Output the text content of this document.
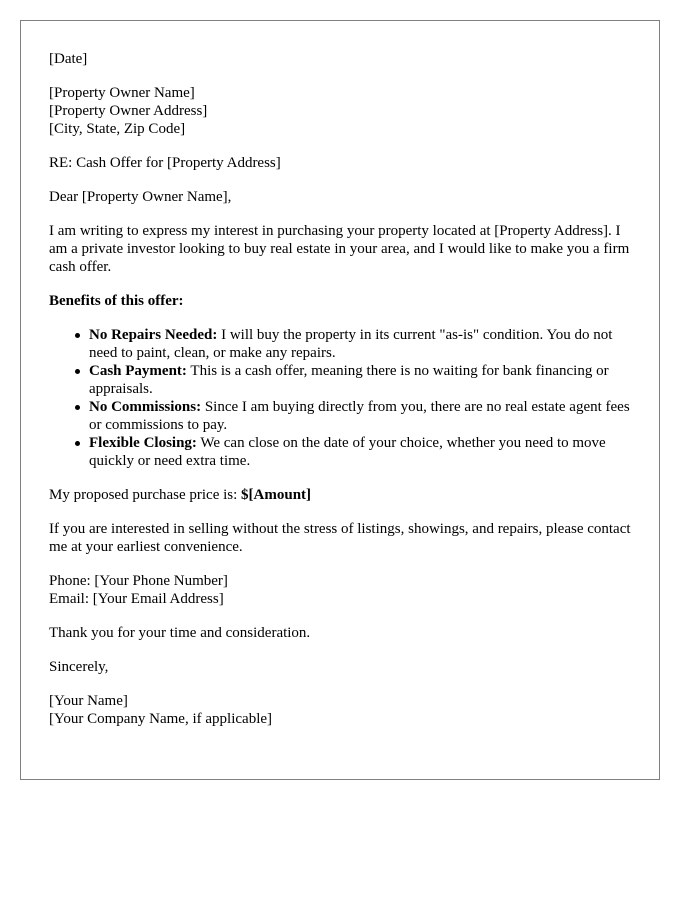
[Date]

[Property Owner Name]
[Property Owner Address]
[City, State, Zip Code]

RE: Cash Offer for [Property Address]

Dear [Property Owner Name],

I am writing to express my interest in purchasing your property located at [Property Address]. I am a private investor looking to buy real estate in your area, and I would like to make you a firm cash offer.

Benefits of this offer:

No Repairs Needed: I will buy the property in its current "as-is" condition. You do not need to paint, clean, or make any repairs.
Cash Payment: This is a cash offer, meaning there is no waiting for bank financing or appraisals.
No Commissions: Since I am buying directly from you, there are no real estate agent fees or commissions to pay.
Flexible Closing: We can close on the date of your choice, whether you need to move quickly or need extra time.

My proposed purchase price is: $[Amount]

If you are interested in selling without the stress of listings, showings, and repairs, please contact me at your earliest convenience.

Phone: [Your Phone Number]
Email: [Your Email Address]

Thank you for your time and consideration.

Sincerely,

[Your Name]
[Your Company Name, if applicable]
